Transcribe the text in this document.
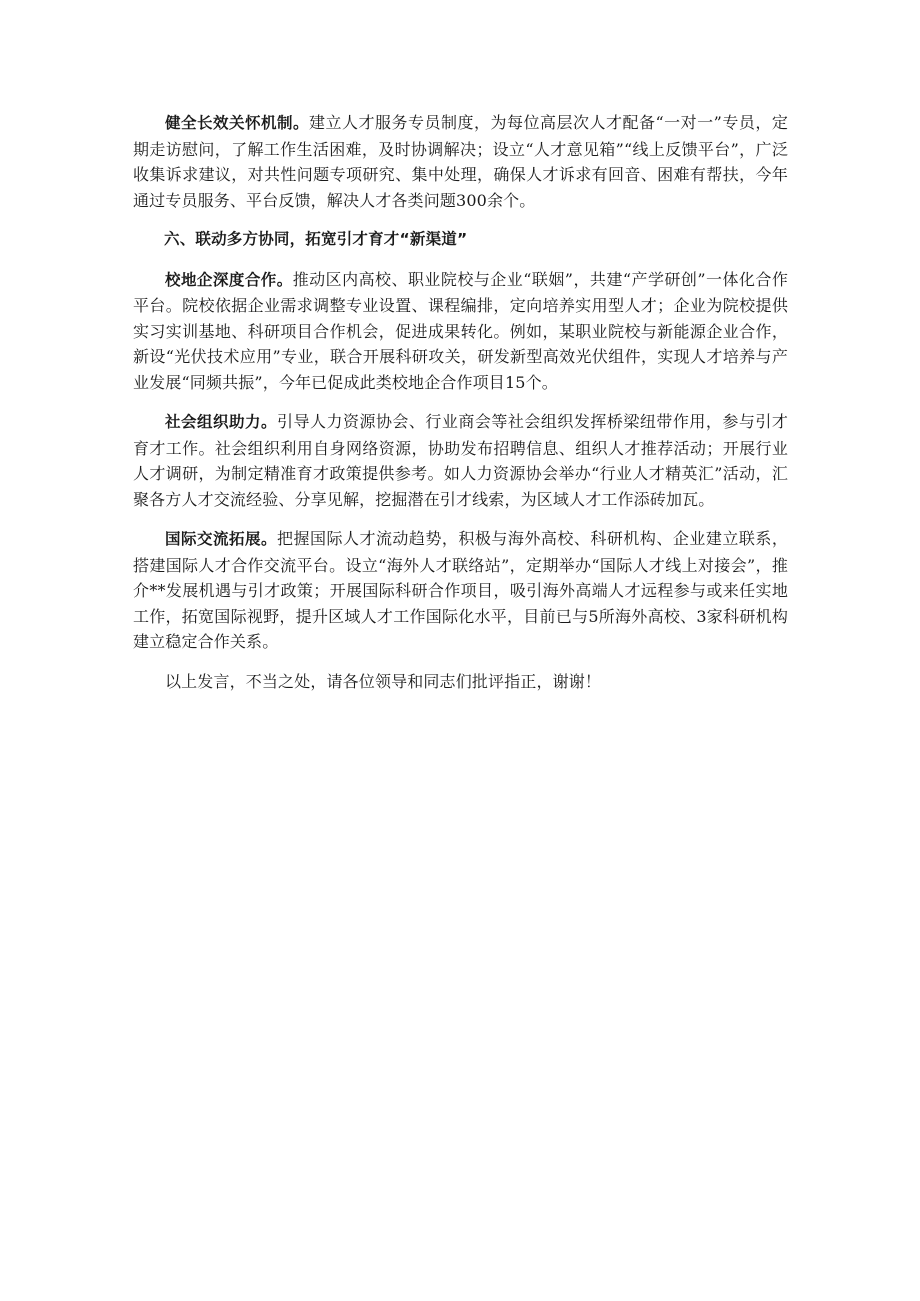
健全长效关怀机制。建立人才服务专员制度，为每位高层次人才配备“一对一”专员，定期走访慰问，了解工作生活困难，及时协调解决；设立“人才意见箱”“线上反馈平台”，广泛收集诉求建议，对共性问题专项研究、集中处理，确保人才诉求有回音、困难有帮扶，今年通过专员服务、平台反馈，解决人才各类问题300余个。

六、联动多方协同，拓宽引才育才“新渠道”

校地企深度合作。推动区内高校、职业院校与企业“联姻”，共建“产学研创”一体化合作平台。院校依据企业需求调整专业设置、课程编排，定向培养实用型人才；企业为院校提供实习实训基地、科研项目合作机会，促进成果转化。例如，某职业院校与新能源企业合作，新设“光伏技术应用”专业，联合开展科研攻关，研发新型高效光伏组件，实现人才培养与产业发展“同频共振”，今年已促成此类校地企合作项目15个。

社会组织助力。引导人力资源协会、行业商会等社会组织发挥桥梁纽带作用，参与引才育才工作。社会组织利用自身网络资源，协助发布招聘信息、组织人才推荐活动；开展行业人才调研，为制定精准育才政策提供参考。如人力资源协会举办“行业人才精英汇”活动，汇聚各方人才交流经验、分享见解，挖掘潜在引才线索，为区域人才工作添砖加瓦。

国际交流拓展。把握国际人才流动趋势，积极与海外高校、科研机构、企业建立联系，搭建国际人才合作交流平台。设立“海外人才联络站”，定期举办“国际人才线上对接会”，推介**发展机遇与引才政策；开展国际科研合作项目，吸引海外高端人才远程参与或来任实地工作，拓宽国际视野，提升区域人才工作国际化水平，目前已与5所海外高校、3家科研机构建立稳定合作关系。

以上发言，不当之处，请各位领导和同志们批评指正，谢谢！
